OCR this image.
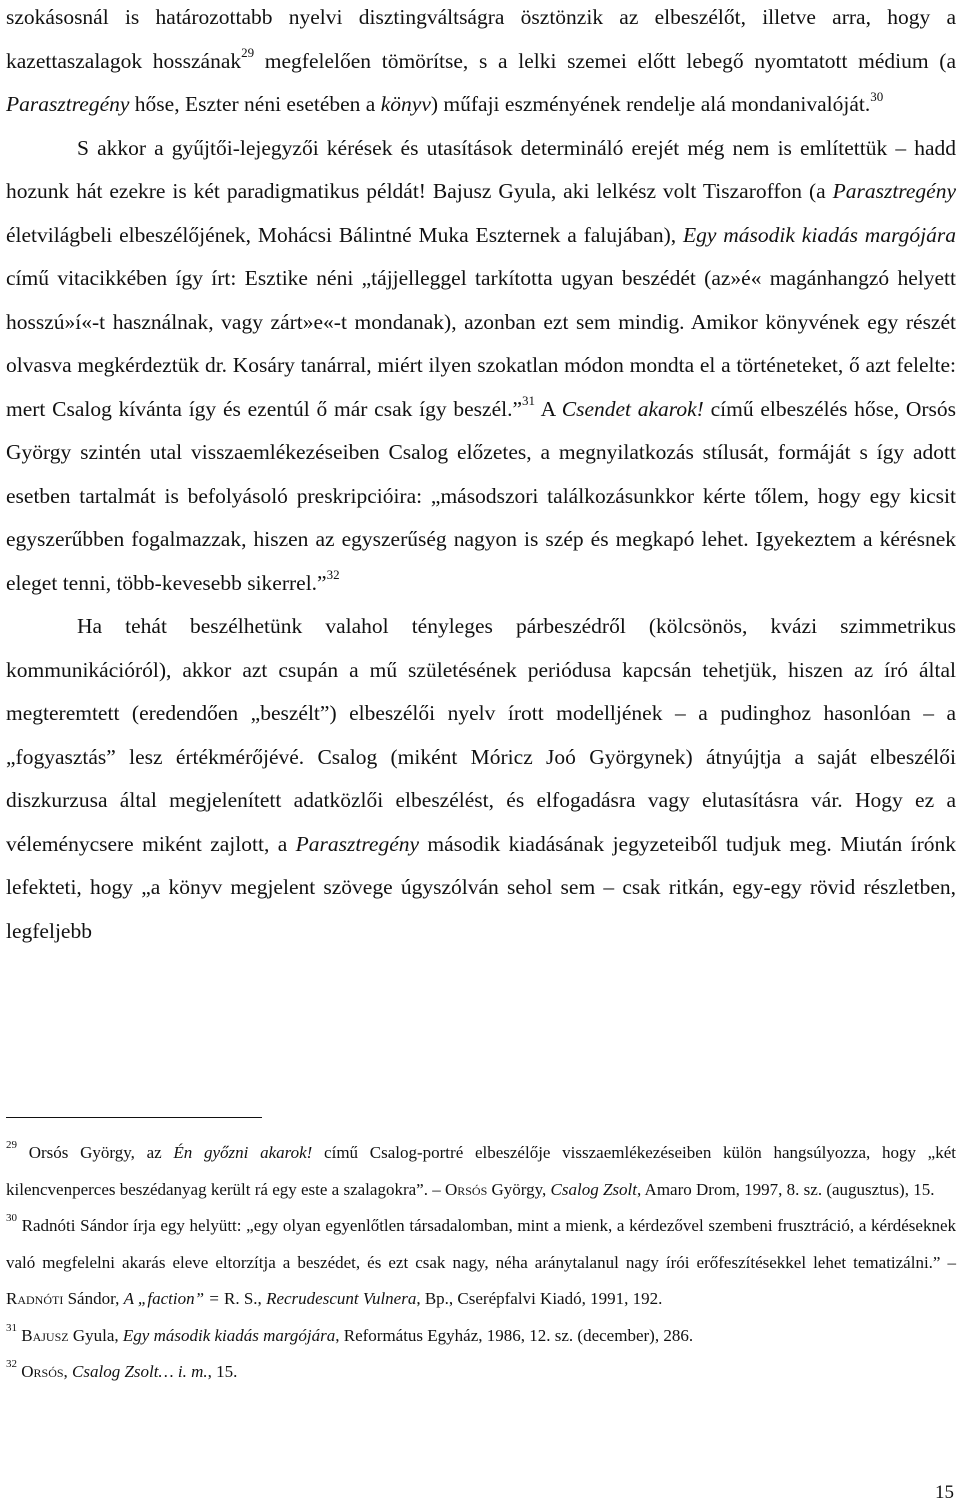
szokásosnál is határozottabb nyelvi disztingváltságra ösztönzik az elbeszélőt, illetve arra, hogy a kazettaszalagok hosszának$^{29}$ megfelelően tömörítse, s a lelki szemei előtt lebegő nyomtatott médium (a Parasztregény hőse, Eszter néni esetében a könyv) műfaji eszményének rendelje alá mondanivalóját.$^{30}$

S akkor a gyűjtői-lejegyzői kérések és utasítások determináló erejét még nem is említettük – hadd hozunk hát ezekre is két paradigmatikus példát! Bajusz Gyula, aki lelkész volt Tiszaroffon (a Parasztregény életvilágbeli elbeszélőjének, Mohácsi Bálintné Muka Eszternek a falujában), Egy második kiadás margójára című vitacikkében így írt: Esztike néni „tájjelleggel tarkította ugyan beszédét (az»é« magánhangzó helyett hosszú»í«-t használnak, vagy zárt»e«-t mondanak), azonban ezt sem mindig. Amikor könyvének egy részét olvasva megkérdeztük dr. Kosáry tanárral, miért ilyen szokatlan módon mondta el a történeteket, ő azt felelte: mert Csalog kívánta így és ezentúl ő már csak így beszél.”$^{31}$ A Csendet akarok! című elbeszélés hőse, Orsós György szintén utal visszaemlékezéseiben Csalog előzetes, a megnyilatkozás stílusát, formáját s így adott esetben tartalmát is befolyásoló preskripcióira: „másodszori találkozásunkkor kérte tőlem, hogy egy kicsit egyszerűbben fogalmazzak, hiszen az egyszerűség nagyon is szép és megkapó lehet. Igyekeztem a kérésnek eleget tenni, több-kevesebb sikerrel.”$^{32}$

Ha tehát beszélhetünk valahol tényleges párbeszédről (kölcsönös, kvázi szimmetrikus kommunikációról), akkor azt csupán a mű születésének periódusa kapcsán tehetjük, hiszen az író által megteremtett (eredendően „beszélt”) elbeszélői nyelv írott modelljének – a pudinghoz hasonlóan – a „fogyasztás” lesz értékmérőjévé. Csalog (miként Móricz Joó Györgynek) átnyújtja a saját elbeszélői diszkurzusa által megjelenített adatközlői elbeszélést, és elfogadásra vagy elutasításra vár. Hogy ez a véleménycsere miként zajlott, a Parasztregény második kiadásának jegyzeteiből tudjuk meg. Miután írónk lefekteti, hogy „a könyv megjelent szövege úgyszólván sehol sem – csak ritkán, egy-egy rövid részletben, legfeljebb

$^{29}$ Orsós György, az Én győzni akarok! című Csalog-portré elbeszélője visszaemlékezéseiben külön hangsúlyozza, hogy „két kilencvenperces beszédanyag került rá egy este a szalagokra”. – Orsós György, Csalog Zsolt, Amaro Drom, 1997, 8. sz. (augusztus), 15.

$^{30}$ Radnóti Sándor írja egy helyütt: „egy olyan egyenlőtlen társadalomban, mint a mienk, a kérdezővel szembeni frusztráció, a kérdéseknek való megfelelni akarás eleve eltorzítja a beszédet, és ezt csak nagy, néha aránytalanul nagy írói erőfeszítésekkel lehet tematizálni.” – Radnóti Sándor, A „faction” = R. S., Recrudescunt Vulnera, Bp., Cserépfalvi Kiadó, 1991, 192.

$^{31}$ Bajusz Gyula, Egy második kiadás margójára, Református Egyház, 1986, 12. sz. (december), 286.

$^{32}$ Orsós, Csalog Zsolt… i. m., 15.

15
